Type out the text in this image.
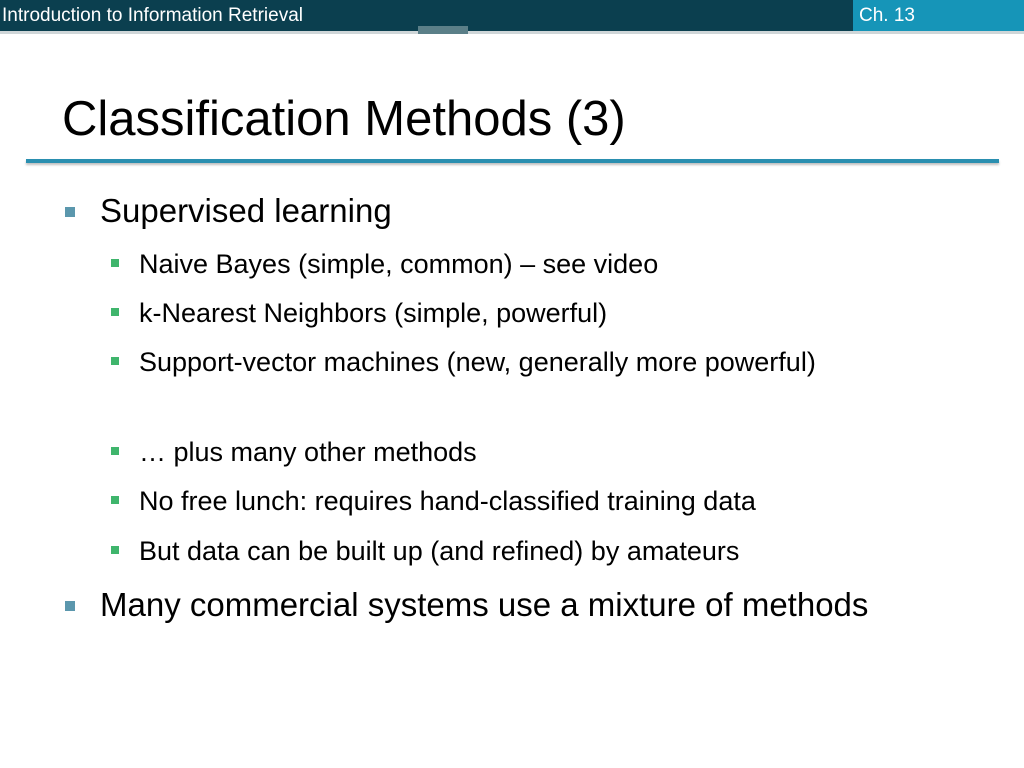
Introduction to Information Retrieval	Ch. 13
Classification Methods (3)
Supervised learning
Naive Bayes (simple, common) – see video
k-Nearest Neighbors (simple, powerful)
Support-vector machines (new, generally more powerful)
… plus many other methods
No free lunch: requires hand-classified training data
But data can be built up (and refined) by amateurs
Many commercial systems use a mixture of methods
